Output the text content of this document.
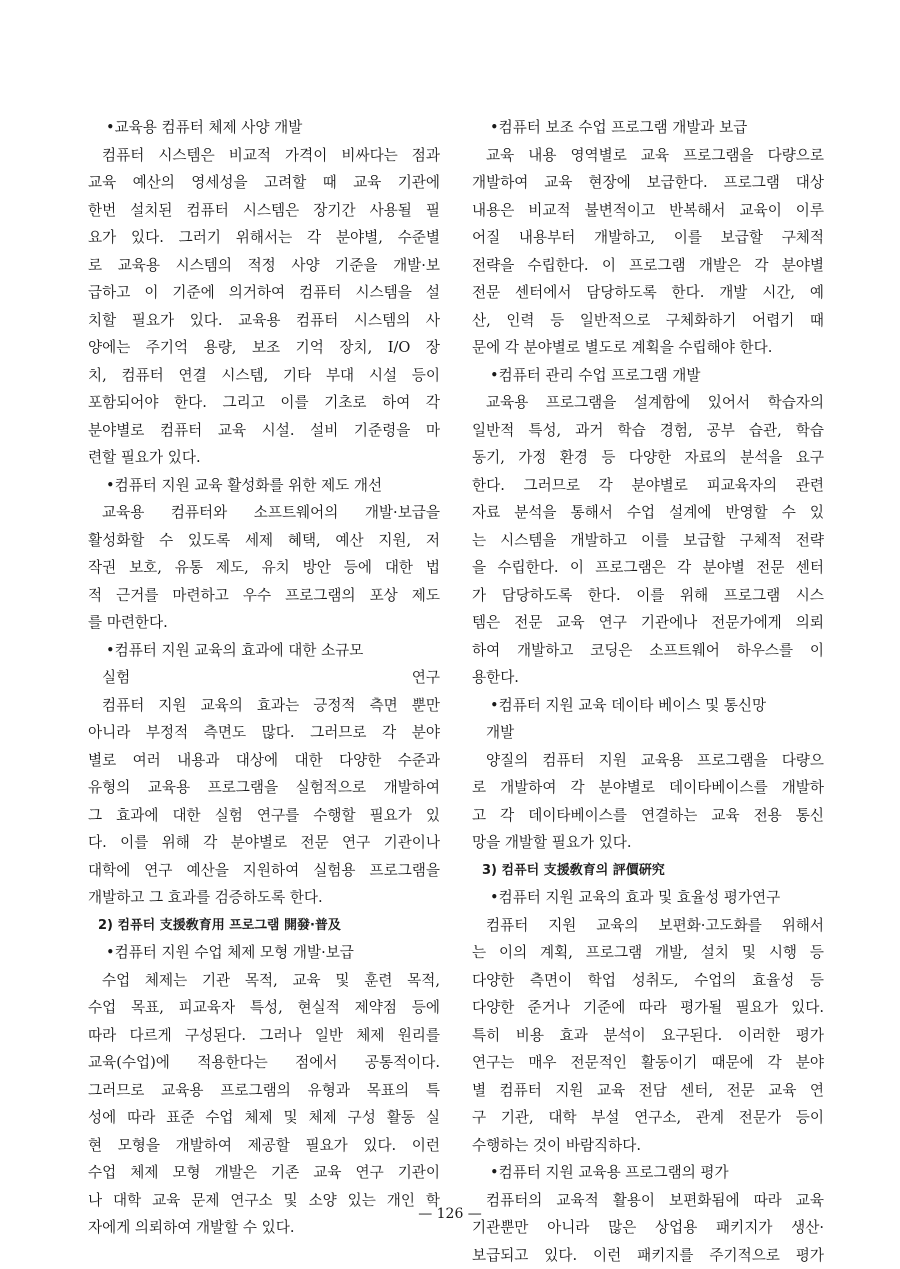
•교육용 컴퓨터 체제 사양 개발
컴퓨터 시스템은 비교적 가격이 비싸다는 점과
교육 예산의 영세성을 고려할 때 교육 기관에
한번 설치된 컴퓨터 시스템은 장기간 사용될 필
요가 있다. 그러기 위해서는 각 분야별, 수준별
로 교육용 시스템의 적정 사양 기준을 개발·보
급하고 이 기준에 의거하여 컴퓨터 시스템을 설
치할 필요가 있다. 교육용 컴퓨터 시스템의 사
양에는 주기억 용량, 보조 기억 장치, I/O 장
치, 컴퓨터 연결 시스템, 기타 부대 시설 등이
포함되어야 한다. 그리고 이를 기초로 하여 각
분야별로 컴퓨터 교육 시설. 설비 기준령을 마
련할 필요가 있다.
•컴퓨터 지원 교육 활성화를 위한 제도 개선
교육용 컴퓨터와 소프트웨어의 개발·보급을
활성화할 수 있도록 세제 혜택, 예산 지원, 저
작권 보호, 유통 제도, 유치 방안 등에 대한 법
적 근거를 마련하고 우수 프로그램의 포상 제도
를 마련한다.
•컴퓨터 지원 교육의 효과에 대한 소규모
실험 연구
컴퓨터 지원 교육의 효과는 긍정적 측면 뿐만
아니라 부정적 측면도 많다. 그러므로 각 분야
별로 여러 내용과 대상에 대한 다양한 수준과
유형의 교육용 프로그램을 실험적으로 개발하여
그 효과에 대한 실험 연구를 수행할 필요가 있
다. 이를 위해 각 분야별로 전문 연구 기관이나
대학에 연구 예산을 지원하여 실험용 프로그램을
개발하고 그 효과를 검증하도록 한다.
2) 컴퓨터 支援敎育用 프로그램 開發·普及
•컴퓨터 지원 수업 체제 모형 개발·보급
수업 체제는 기관 목적, 교육 및 훈련 목적,
수업 목표, 피교육자 특성, 현실적 제약점 등에
따라 다르게 구성된다. 그러나 일반 체제 원리를
교육(수업)에 적용한다는 점에서 공통적이다.
그러므로 교육용 프로그램의 유형과 목표의 특
성에 따라 표준 수업 체제 및 체제 구성 활동 실
현 모형을 개발하여 제공할 필요가 있다. 이런
수업 체제 모형 개발은 기존 교육 연구 기관이
나 대학 교육 문제 연구소 및 소양 있는 개인 학
자에게 의뢰하여 개발할 수 있다.
•컴퓨터 보조 수업 프로그램 개발과 보급
교육 내용 영역별로 교육 프로그램을 다량으로
개발하여 교육 현장에 보급한다. 프로그램 대상
내용은 비교적 불변적이고 반복해서 교육이 이루
어질 내용부터 개발하고, 이를 보급할 구체적
전략을 수립한다. 이 프로그램 개발은 각 분야별
전문 센터에서 담당하도록 한다. 개발 시간, 예
산, 인력 등 일반적으로 구체화하기 어렵기 때
문에 각 분야별로 별도로 계획을 수립해야 한다.
•컴퓨터 관리 수업 프로그램 개발
교육용 프로그램을 설계함에 있어서 학습자의
일반적 특성, 과거 학습 경험, 공부 습관, 학습
동기, 가정 환경 등 다양한 자료의 분석을 요구
한다. 그러므로 각 분야별로 피교육자의 관련
자료 분석을 통해서 수업 설계에 반영할 수 있
는 시스템을 개발하고 이를 보급할 구체적 전략
을 수립한다. 이 프로그램은 각 분야별 전문 센터
가 담당하도록 한다. 이를 위해 프로그램 시스
템은 전문 교육 연구 기관에나 전문가에게 의뢰
하여 개발하고 코딩은 소프트웨어 하우스를 이
용한다.
•컴퓨터 지원 교육 데이타 베이스 및 통신망
개발
양질의 컴퓨터 지원 교육용 프로그램을 다량으
로 개발하여 각 분야별로 데이타베이스를 개발하
고 각 데이타베이스를 연결하는 교육 전용 통신
망을 개발할 필요가 있다.
3) 컴퓨터 支援敎育의 評價硏究
•컴퓨터 지원 교육의 효과 및 효율성 평가연구
컴퓨터 지원 교육의 보편화·고도화를 위해서
는 이의 계획, 프로그램 개발, 설치 및 시행 등
다양한 측면이 학업 성취도, 수업의 효율성 등
다양한 준거나 기준에 따라 평가될 필요가 있다.
특히 비용 효과 분석이 요구된다. 이러한 평가
연구는 매우 전문적인 활동이기 때문에 각 분야
별 컴퓨터 지원 교육 전담 센터, 전문 교육 연
구 기관, 대학 부설 연구소, 관계 전문가 등이
수행하는 것이 바람직하다.
•컴퓨터 지원 교육용 프로그램의 평가
컴퓨터의 교육적 활용이 보편화됨에 따라 교육
기관뿐만 아니라 많은 상업용 패키지가 생산·
보급되고 있다. 이런 패키지를 주기적으로 평가
— 126 —
